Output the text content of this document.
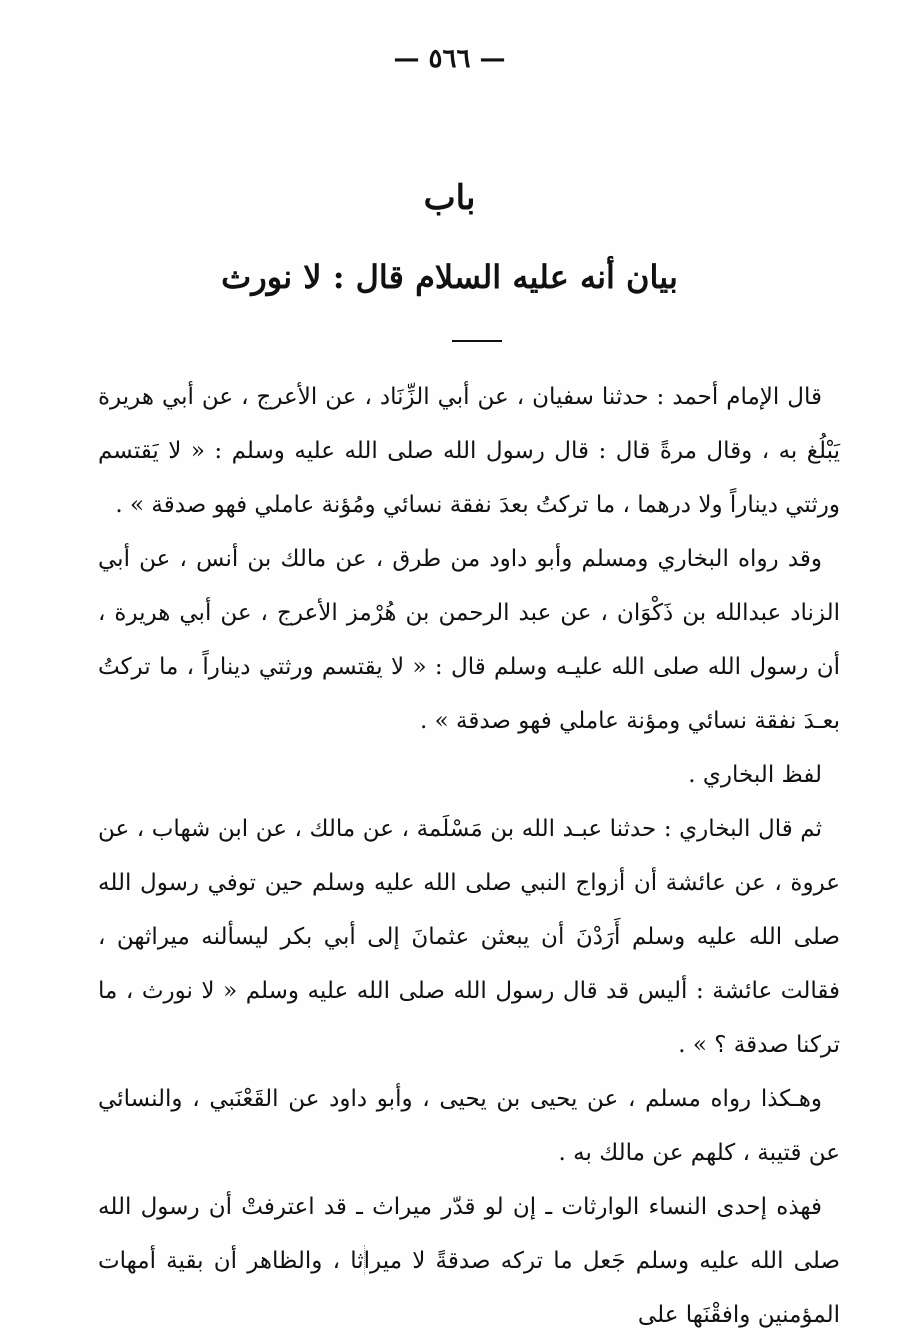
— ٥٦٦ —
باب
بيان أنه عليه السلام قال : لا نورث

قال الإمام أحمد : حدثنا سفيان ، عن أبي الزِّنَاد ، عن الأعرج ، عن أبي هريرة يَبْلُغ به ، وقال مرةً قال : قال رسول الله صلى الله عليه وسلم : « لا يَقتسم ورثتي ديناراً ولا درهما ، ما تركتُ بعدَ نفقة نسائي ومُؤنة عاملي فهو صدقة » .

وقد رواه البخاري ومسلم وأبو داود من طرق ، عن مالك بن أنس ، عن أبي الزناد عبدالله بن ذَكْوَان ، عن عبد الرحمن بن هُرْمز الأعرج ، عن أبي هريرة ، أن رسول الله صلى الله عليـه وسلم قال : « لا يقتسم ورثتي ديناراً ، ما تركتُ بعـدَ نفقة نسائي ومؤنة عاملي فهو صدقة » .

لفظ البخاري .

ثم قال البخاري : حدثنا عبـد الله بن مَسْلَمة ، عن مالك ، عن ابن شهاب ، عن عروة ، عن عائشة أن أزواج النبي صلى الله عليه وسلم حين توفي رسول الله صلى الله عليه وسلم أَرَدْنَ أن يبعثن عثمانَ إلى أبي بكر ليسألنه ميراثهن ، فقالت عائشة : أليس قد قال رسول الله صلى الله عليه وسلم « لا نورث ، ما تركنا صدقة ؟ » .

وهـكذا رواه مسلم ، عن يحيى بن يحيى ، وأبو داود عن القَعْنَبي ، والنسائي عن قتيبة ، كلهم عن مالك به .

فهذه إحدى النساء الوارثات ـ إن لو قدّر ميراث ـ قد اعترفتْ أن رسول الله صلى الله عليه وسلم جَعل ما تركه صدقةً لا ميراثا ، والظاهر أن بقية أمهات المؤمنين وافقْنَها على
